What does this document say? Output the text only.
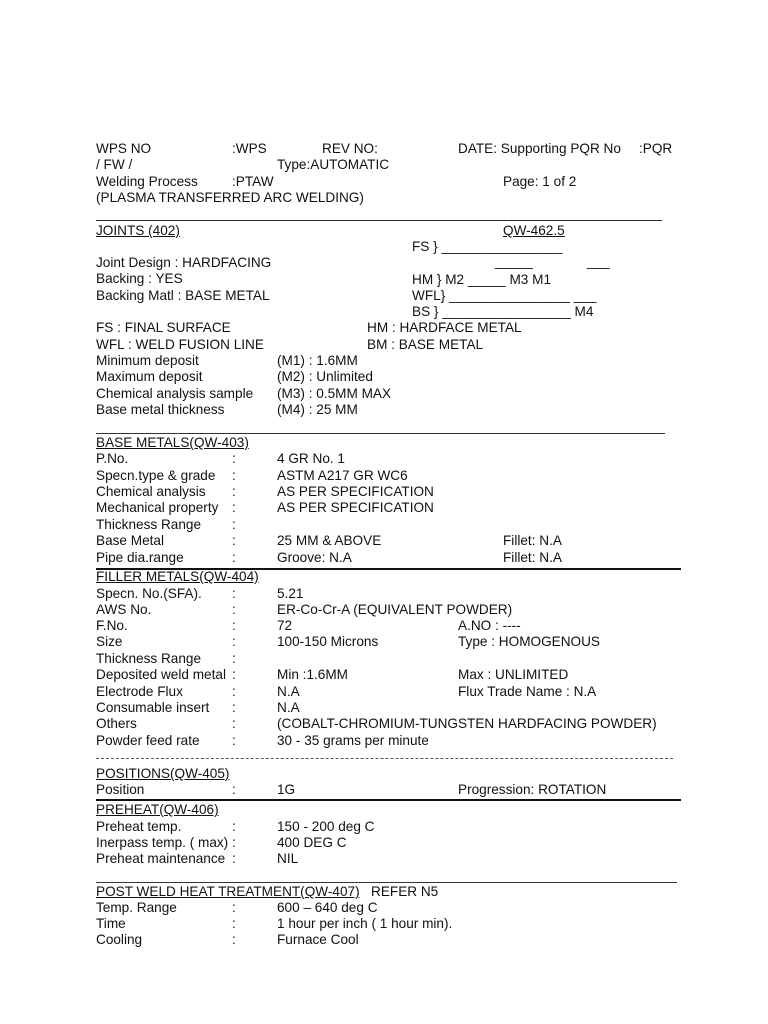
WPS NO	:WPS	REV NO:	DATE: Supporting PQR No :PQR
/ FW /	Type:AUTOMATIC
Welding Process	:PTAW	Page: 1 of 2
(PLASMA TRANSFERRED ARC WELDING)
_______________________________________________________________________________
JOINTS (402)	QW-462.5
FS } ________________
Joint Design : HARDFACING	_____	___
Backing : YES	HM } M2 _____ M3 M1
Backing Matl : BASE METAL	WFL} ________________ ___
BS } _________________ M4
FS : FINAL SURFACE	HM : HARDFACE METAL
WFL : WELD FUSION LINE	BM : BASE METAL
Minimum deposit	(M1) : 1.6MM
Maximum deposit	(M2) : Unlimited
Chemical analysis sample (M3) : 0.5MM MAX
Base metal thickness	(M4) : 25 MM
BASE METALS(QW-403)
P.No.	:	4 GR No. 1
Specn.type & grade :	ASTM A217 GR WC6
Chemical analysis :	AS PER SPECIFICATION
Mechanical property :	AS PER SPECIFICATION
Thickness Range :
Base Metal	:	25 MM & ABOVE	Fillet: N.A
Pipe dia.range	:	Groove: N.A	Fillet: N.A
FILLER METALS(QW-404)
Specn. No.(SFA). :	5.21
AWS No.	:	ER-Co-Cr-A (EQUIVALENT POWDER)
F.No.	:	72	A.NO : ----
Size	:	100-150 Microns	Type : HOMOGENOUS
Thickness Range :
Deposited weld metal :	Min :1.6MM	Max : UNLIMITED
Electrode Flux	:	N.A	Flux Trade Name : N.A
Consumable insert :	N.A
Others	:	(COBALT-CHROMIUM-TUNGSTEN HARDFACING POWDER)
Powder feed rate :	30 - 35 grams per minute
POSITIONS(QW-405)
Position	:	1G	Progression: ROTATION
PREHEAT(QW-406)
Preheat temp.	:	150 - 200 deg C
Inerpass temp. ( max) :	400 DEG C
Preheat maintenance :	NIL
POST WELD HEAT TREATMENT(QW-407) REFER N5
Temp. Range	:	600 – 640 deg C
Time	:	1 hour per inch ( 1 hour min).
Cooling	:	Furnace Cool
